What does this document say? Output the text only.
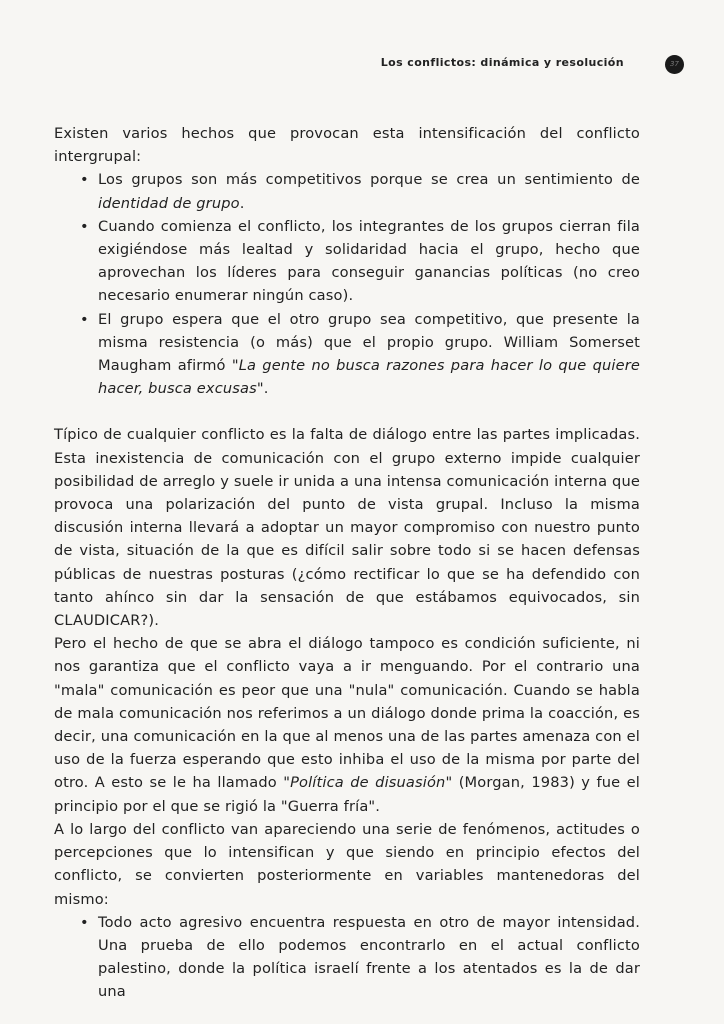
Los conflictos: dinámica y resolución	37

Existen varios hechos que provocan esta intensificación del conflicto intergrupal:

• Los grupos son más competitivos porque se crea un sentimiento de identidad de grupo.
• Cuando comienza el conflicto, los integrantes de los grupos cierran fila exigiéndose más lealtad y solidaridad hacia el grupo, hecho que aprovechan los líderes para conseguir ganancias políticas (no creo necesario enumerar ningún caso).
• El grupo espera que el otro grupo sea competitivo, que presente la misma resistencia (o más) que el propio grupo. William Somerset Maugham afirmó "La gente no busca razones para hacer lo que quiere hacer, busca excusas".

Típico de cualquier conflicto es la falta de diálogo entre las partes implicadas. Esta inexistencia de comunicación con el grupo externo impide cualquier posibilidad de arreglo y suele ir unida a una intensa comunicación interna que provoca una polarización del punto de vista grupal. Incluso la misma discusión interna llevará a adoptar un mayor compromiso con nuestro punto de vista, situación de la que es difícil salir sobre todo si se hacen defensas públicas de nuestras posturas (¿cómo rectificar lo que se ha defendido con tanto ahínco sin dar la sensación de que estábamos equivocados, sin CLAUDICAR?).

Pero el hecho de que se abra el diálogo tampoco es condición suficiente, ni nos garantiza que el conflicto vaya a ir menguando. Por el contrario una "mala" comunicación es peor que una "nula" comunicación. Cuando se habla de mala comunicación nos referimos a un diálogo donde prima la coacción, es decir, una comunicación en la que al menos una de las partes amenaza con el uso de la fuerza esperando que esto inhiba el uso de la misma por parte del otro. A esto se le ha llamado "Política de disuasión" (Morgan, 1983) y fue el principio por el que se rigió la "Guerra fría".

A lo largo del conflicto van apareciendo una serie de fenómenos, actitudes o percepciones que lo intensifican y que siendo en principio efectos del conflicto, se convierten posteriormente en variables mantenedoras del mismo:

• Todo acto agresivo encuentra respuesta en otro de mayor intensidad. Una prueba de ello podemos encontrarlo en el actual conflicto palestino, donde la política israelí frente a los atentados es la de dar una
